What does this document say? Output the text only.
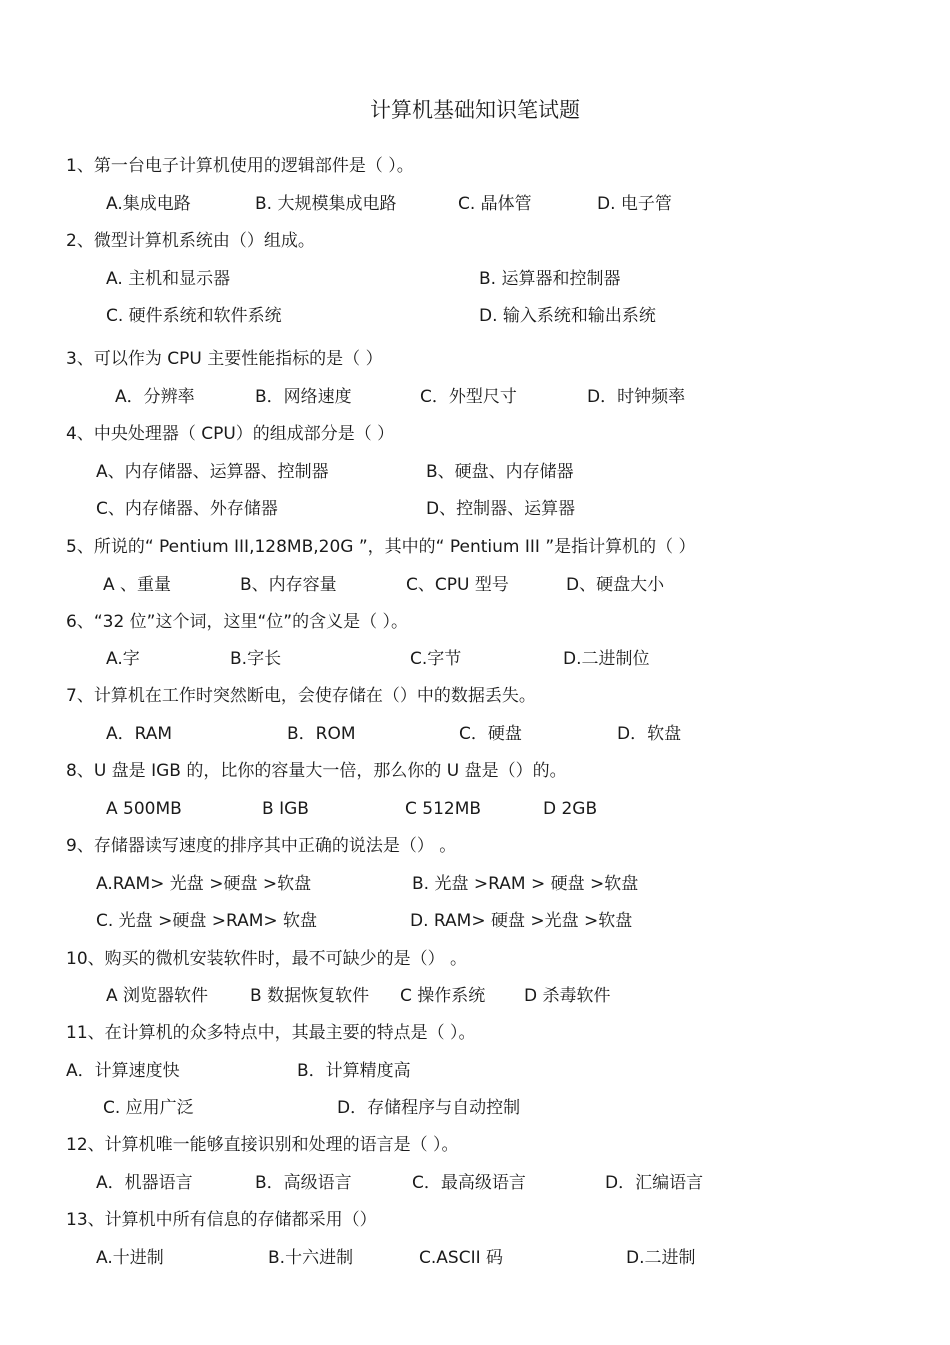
计算机基础知识笔试题
1、第一台电子计算机使用的逻辑部件是（ ）。
A.集成电路	B. 大规模集成电路	C. 晶体管	D. 电子管
2、微型计算机系统由（）组成。
A. 主机和显示器	B. 运算器和控制器
C. 硬件系统和软件系统	D. 输入系统和输出系统
3、可以作为 CPU 主要性能指标的是（ ）
A．分辨率	B．网络速度	C．外型尺寸	D．时钟频率
4、中央处理器（ CPU）的组成部分是（ ）
A、内存储器、运算器、控制器	B、硬盘、内存储器
C、内存储器、外存储器	D、控制器、运算器
5、所说的“ Pentium III,128MB,20G ”，其中的“ Pentium III ”是指计算机的（ ）
A 、重量	B、内存容量	C、CPU 型号	D、硬盘大小
6、“32 位”这个词，这里“位”的含义是（ ）。
A.字	B.字长	C.字节	D.二进制位
7、计算机在工作时突然断电，会使存储在（）中的数据丢失。
A．RAM	B．ROM	C．硬盘	D．软盘
8、U 盘是 IGB 的，比你的容量大一倍，那么你的 U 盘是（）的。
A 500MB	B IGB	C 512MB	D 2GB
9、存储器读写速度的排序其中正确的说法是（） 。
A.RAM> 光盘 >硬盘 >软盘	B. 光盘 >RAM > 硬盘 >软盘
C. 光盘 >硬盘 >RAM> 软盘	D. RAM> 硬盘 >光盘 >软盘
10、购买的微机安装软件时，最不可缺少的是（） 。
A 浏览器软件 B 数据恢复软件 C 操作系统 D 杀毒软件
11、在计算机的众多特点中，其最主要的特点是（ ）。
A．计算速度快	B．计算精度高
C. 应用广泛	D．存储程序与自动控制
12、计算机唯一能够直接识别和处理的语言是（ ）。
A．机器语言	B．高级语言	C．最高级语言	D．汇编语言
13、计算机中所有信息的存储都采用（）
A.十进制	B.十六进制	C.ASCII 码	D.二进制
